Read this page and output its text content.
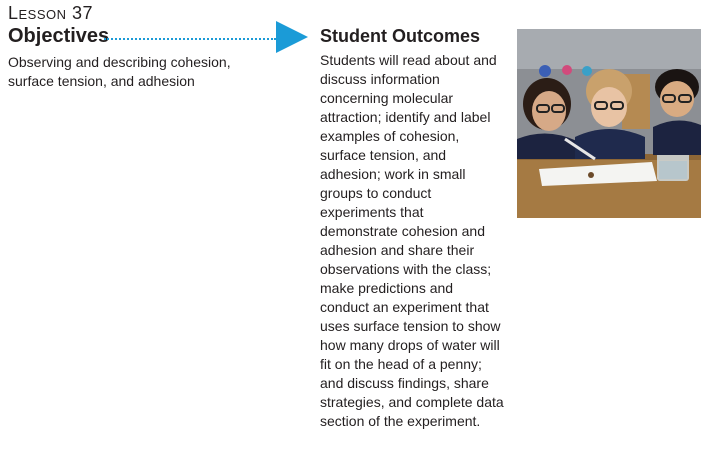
Lesson 37
Objectives
Observing and describing cohesion, surface tension, and adhesion
Student Outcomes
Students will read about and discuss information concerning molecular attraction; identify and label examples of cohesion, surface tension, and adhesion; work in small groups to conduct experiments that demonstrate cohesion and adhesion and share their observations with the class; make predictions and conduct an experiment that uses surface tension to show how many drops of water will fit on the head of a penny; and discuss findings, share strategies, and complete data section of the experiment.
